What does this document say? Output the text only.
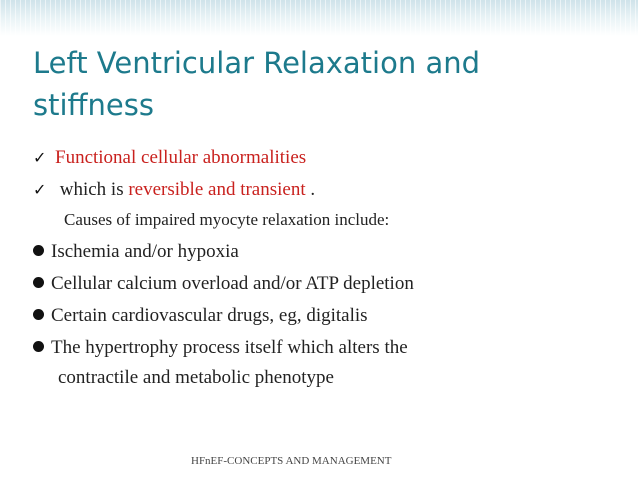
Left Ventricular Relaxation and
stiffness
✓ Functional cellular abnormalities
✓ which is reversible and transient .
Causes of impaired myocyte relaxation include:
Ischemia and/or hypoxia
Cellular calcium overload and/or ATP depletion
Certain cardiovascular drugs, eg, digitalis
The hypertrophy process itself which alters the
contractile and metabolic phenotype
HFnEF-CONCEPTS AND MANAGEMENT
